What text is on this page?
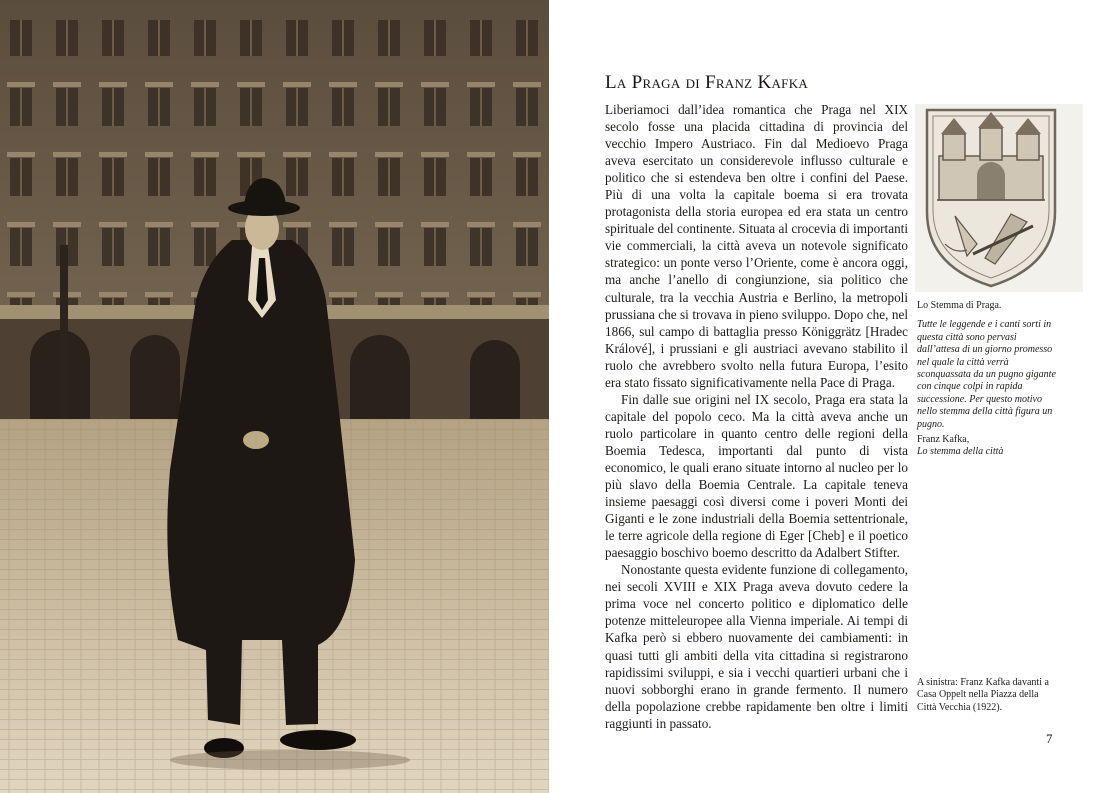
La Praga di Franz Kafka

Liberiamoci dall’idea romantica che Praga nel XIX secolo fosse una placida cittadina di provincia del vecchio Impero Austriaco. Fin dal Medioevo Praga aveva esercitato un considerevole influsso culturale e politico che si estendeva ben oltre i confini del Paese. Più di una volta la capitale boema si era trovata protagonista della storia europea ed era stata un centro spirituale del continente. Situata al crocevia di importanti vie commerciali, la città aveva un notevole significato strategico: un ponte verso l’Oriente, come è ancora oggi, ma anche l’anello di congiunzione, sia politico che culturale, tra la vecchia Austria e Berlino, la metropoli prussiana che si trovava in pieno sviluppo. Dopo che, nel 1866, sul campo di battaglia presso Königgrätz [Hradec Králové], i prussiani e gli austriaci avevano stabilito il ruolo che avrebbero svolto nella futura Europa, l’esito era stato fissato significativamente nella Pace di Praga.

Fin dalle sue origini nel IX secolo, Praga era stata la capitale del popolo ceco. Ma la città aveva anche un ruolo particolare in quanto centro delle regioni della Boemia Tedesca, importanti dal punto di vista economico, le quali erano situate intorno al nucleo per lo più slavo della Boemia Centrale. La capitale teneva insieme paesaggi così diversi come i poveri Monti dei Giganti e le zone industriali della Boemia settentrionale, le terre agricole della regione di Eger [Cheb] e il poetico paesaggio boschivo boemo descritto da Adalbert Stifter.

Nonostante questa evidente funzione di collegamento, nei secoli XVIII e XIX Praga aveva dovuto cedere la prima voce nel concerto politico e diplomatico delle potenze mitteleuropee alla Vienna imperiale. Ai tempi di Kafka però si ebbero nuovamente dei cambiamenti: in quasi tutti gli ambiti della vita cittadina si registrarono rapidissimi sviluppi, e sia i vecchi quartieri urbani che i nuovi sobborghi erano in grande fermento. Il numero della popolazione crebbe rapidamente ben oltre i limiti raggiunti in passato.

Lo Stemma di Praga.

Tutte le leggende e i canti sorti in questa città sono pervasi dall’attesa di un giorno promesso nel quale la città verrà sconquassata da un pugno gigante con cinque colpi in rapida successione. Per questo motivo nello stemma della città figura un pugno.

Franz Kafka,

Lo stemma della città

A sinistra: Franz Kafka davanti a Casa Oppelt nella Piazza della Città Vecchia (1922).

7
